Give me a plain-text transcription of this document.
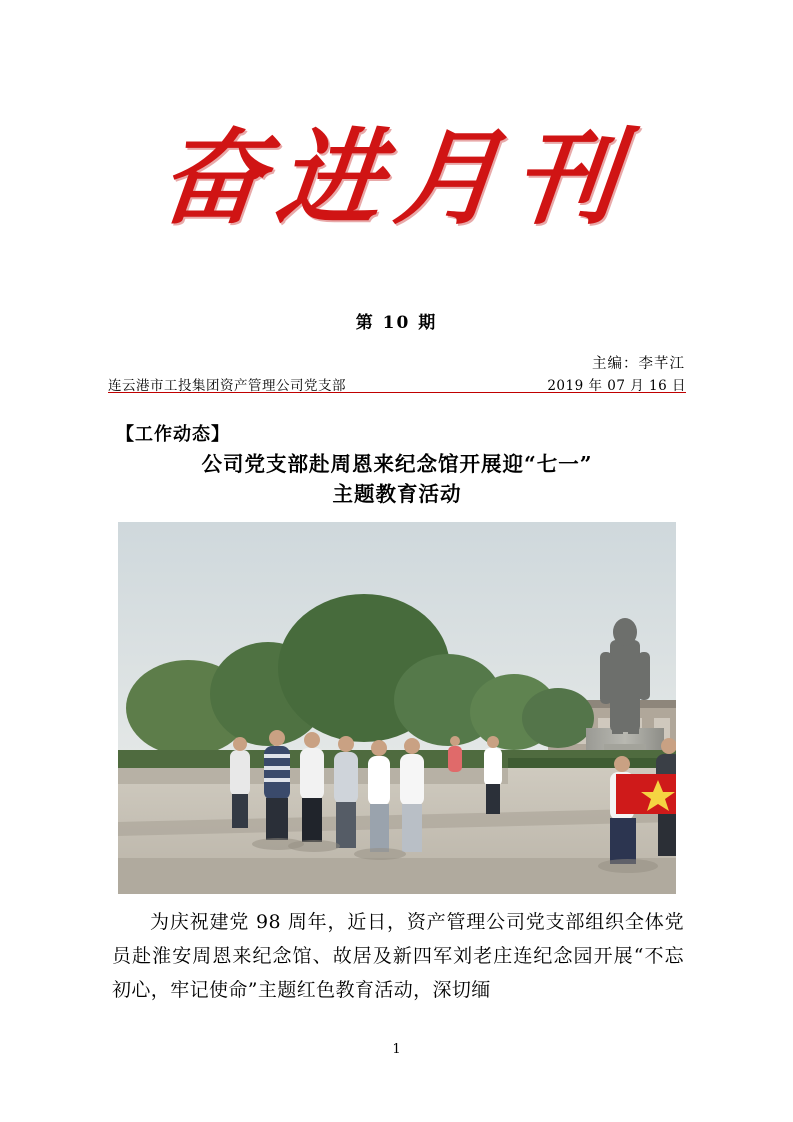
奋进月刊
第 10 期
主编：李芊江
连云港市工投集团资产管理公司党支部	2019 年 07 月 16 日
【工作动态】
公司党支部赴周恩来纪念馆开展迎“七一”
主题教育活动

为庆祝建党 98 周年，近日，资产管理公司党支部组织全体党员赴淮安周恩来纪念馆、故居及新四军刘老庄连纪念园开展“不忘初心，牢记使命”主题红色教育活动，深切缅

1
